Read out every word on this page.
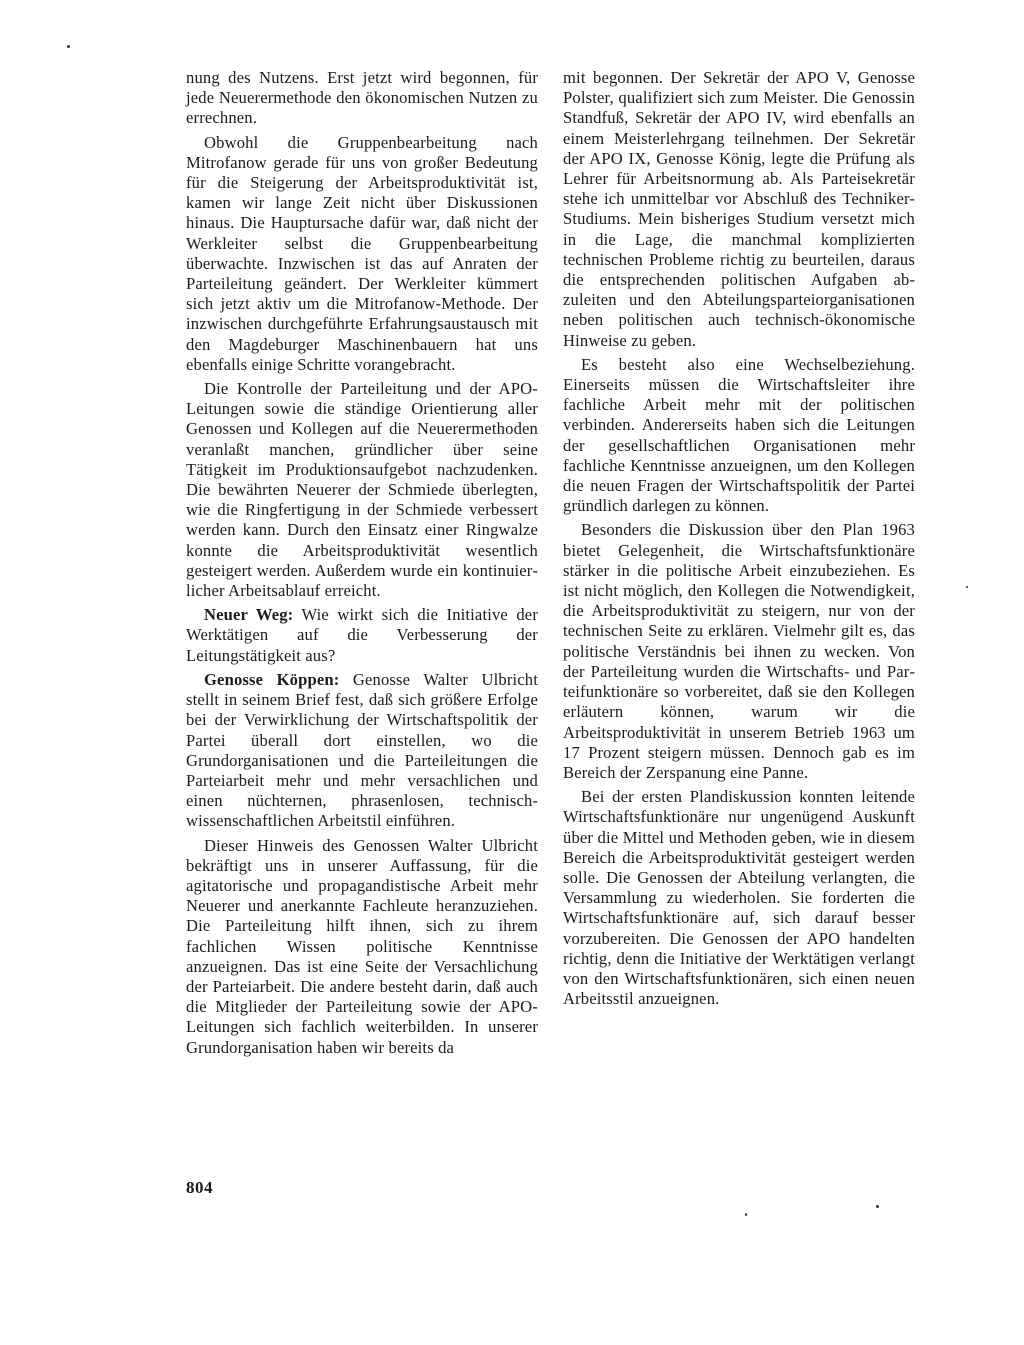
nung des Nutzens. Erst jetzt wird begonnen, für jede Neuerermethode den ökonomischen Nutzen zu errechnen.

Obwohl die Gruppenbearbeitung nach Mitrofanow gerade für uns von großer Bedeutung für die Steigerung der Arbeitsproduktivität ist, kamen wir lange Zeit nicht über Diskussionen hinaus. Die Hauptursache dafür war, daß nicht der Werkleiter selbst die Gruppenbearbeitung überwachte. Inzwischen ist das auf Anraten der Parteileitung geändert. Der Werkleiter kümmert sich jetzt aktiv um die Mitrofanow-Methode. Der inzwischen durchgeführte Erfahrungsaustausch mit den Magdeburger Maschinenbauern hat uns ebenfalls einige Schritte vorangebracht.

Die Kontrolle der Parteileitung und der APO-Leitungen sowie die ständige Orientierung aller Genossen und Kollegen auf die Neuerermethoden veranlaßt manchen, gründlicher über seine Tätigkeit im Produktionsaufgebot nachzudenken. Die bewährten Neuerer der Schmiede überlegten, wie die Ringfertigung in der Schmiede verbessert werden kann. Durch den Einsatz einer Ringwalze konnte die Arbeitsproduktivität wesentlich gesteigert werden. Außerdem wurde ein kontinuierlicher Arbeitsablauf erreicht.

Neuer Weg: Wie wirkt sich die Initiative der Werktätigen auf die Verbesserung der Leitungstätigkeit aus?

Genosse Köppen: Genosse Walter Ulbricht stellt in seinem Brief fest, daß sich größere Erfolge bei der Verwirklichung der Wirtschaftspolitik der Partei überall dort einstellen, wo die Grundorganisationen und die Parteileitungen die Parteiarbeit mehr und mehr versachlichen und einen nüchternen, phrasenlosen, technischwissenschaftlichen Arbeitstil einführen.

Dieser Hinweis des Genossen Walter Ulbricht bekräftigt uns in unserer Auffassung, für die agitatorische und propagandistische Arbeit mehr Neuerer und anerkannte Fachleute heranzuziehen. Die Parteileitung hilft ihnen, sich zu ihrem fachlichen Wissen politische Kenntnisse anzueignen. Das ist eine Seite der Versachlichung der Parteiarbeit. Die andere besteht darin, daß auch die Mitglieder der Parteileitung sowie der APO-Leitungen sich fachlich weiterbilden. In unserer Grundorganisation haben wir bereits da

mit begonnen. Der Sekretär der APO V, Genosse Polster, qualifiziert sich zum Meister. Die Genossin Standfuß, Sekretär der APO IV, wird ebenfalls an einem Meisterlehrgang teilnehmen. Der Sekretär der APO IX, Genosse König, legte die Prüfung als Lehrer für Arbeitsnormung ab. Als Parteisekretär stehe ich unmittelbar vor Abschluß des Techniker-Studiums. Mein bisheriges Studium versetzt mich in die Lage, die manchmal komplizierten technischen Probleme richtig zu beurteilen, daraus die entsprechenden politischen Aufgaben abzuleiten und den Abteilungsparteiorganisationen neben politischen auch technisch-ökonomische Hinweise zu geben.

Es besteht also eine Wechselbeziehung. Einerseits müssen die Wirtschaftsleiter ihre fachliche Arbeit mehr mit der politischen verbinden. Andererseits haben sich die Leitungen der gesellschaftlichen Organisationen mehr fachliche Kenntnisse anzueignen, um den Kollegen die neuen Fragen der Wirtschaftspolitik der Partei gründlich darlegen zu können.

Besonders die Diskussion über den Plan 1963 bietet Gelegenheit, die Wirtschaftsfunktionäre stärker in die politische Arbeit einzubeziehen. Es ist nicht möglich, den Kollegen die Notwendigkeit, die Arbeitsproduktivität zu steigern, nur von der technischen Seite zu erklären. Vielmehr gilt es, das politische Verständnis bei ihnen zu wecken. Von der Parteileitung wurden die Wirtschafts- und Parteifunktionäre so vorbereitet, daß sie den Kollegen erläutern können, warum wir die Arbeitsproduktivität in unserem Betrieb 1963 um 17 Prozent steigern müssen. Dennoch gab es im Bereich der Zerspanung eine Panne.

Bei der ersten Plandiskussion konnten leitende Wirtschaftsfunktionäre nur ungenügend Auskunft über die Mittel und Methoden geben, wie in diesem Bereich die Arbeitsproduktivität gesteigert werden solle. Die Genossen der Abteilung verlangten, die Versammlung zu wiederholen. Sie forderten die Wirtschaftsfunktionäre auf, sich darauf besser vorzubereiten. Die Genossen der APO handelten richtig, denn die Initiative der Werktätigen verlangt von den Wirtschaftsfunktionären, sich einen neuen Arbeitsstil anzueignen.

804
